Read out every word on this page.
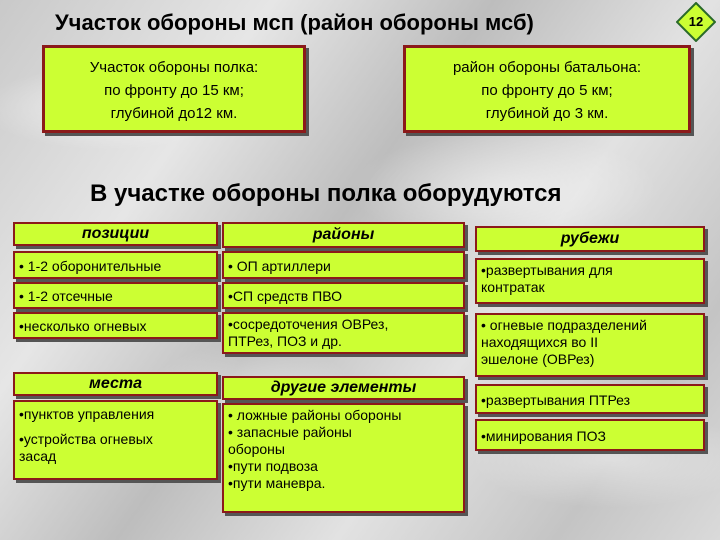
Участок обороны мсп (район обороны мсб)	12
Участок обороны полка:
по фронту до 15 км;
глубиной до12 км.
район обороны батальона:
по фронту до 5 км;
глубиной до 3 км.
В участке обороны полка оборудуются
позиции
• 1-2 оборонительные
• 1-2 отсечные
•несколько огневых
места
•пунктов управления
•устройства огневых
засад
районы
• ОП артиллери
•СП средств ПВО
•сосредоточения ОВРез,
ПТРез, ПОЗ и др.
другие элементы
• ложные районы обороны
• запасные районы
обороны
•пути подвоза
•пути маневра.
рубежи
•развертывания для
контратак
• огневые подразделений
находящихся во II
эшелоне (ОВРез)
•развертывания ПТРез
•минирования ПОЗ
